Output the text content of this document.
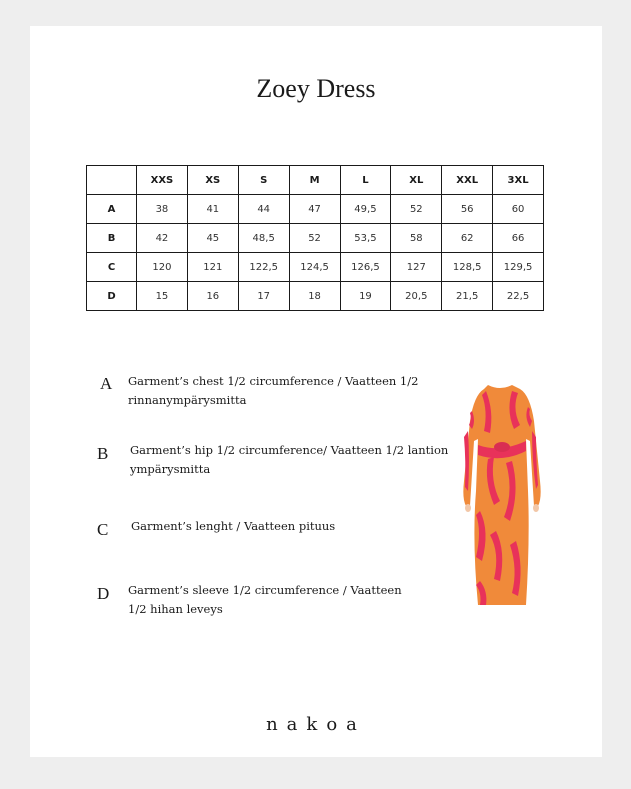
Zoey Dress
	XXS	XS	S	M	L	XL	XXL	3XL
A	38	41	44	47	49,5	52	56	60
B	42	45	48,5	52	53,5	58	62	66
C	120	121	122,5	124,5	126,5	127	128,5	129,5
D	15	16	17	18	19	20,5	21,5	22,5
A Garment’s chest 1/2 circumference / Vaatteen 1/2
rinnanympärysmitta
B Garment’s hip 1/2 circumference/ Vaatteen 1/2 lantion
ympärysmitta
C Garment’s lenght / Vaatteen pituus
D Garment’s sleeve 1/2 circumference / Vaatteen
1/2 hihan leveys
nakoa
